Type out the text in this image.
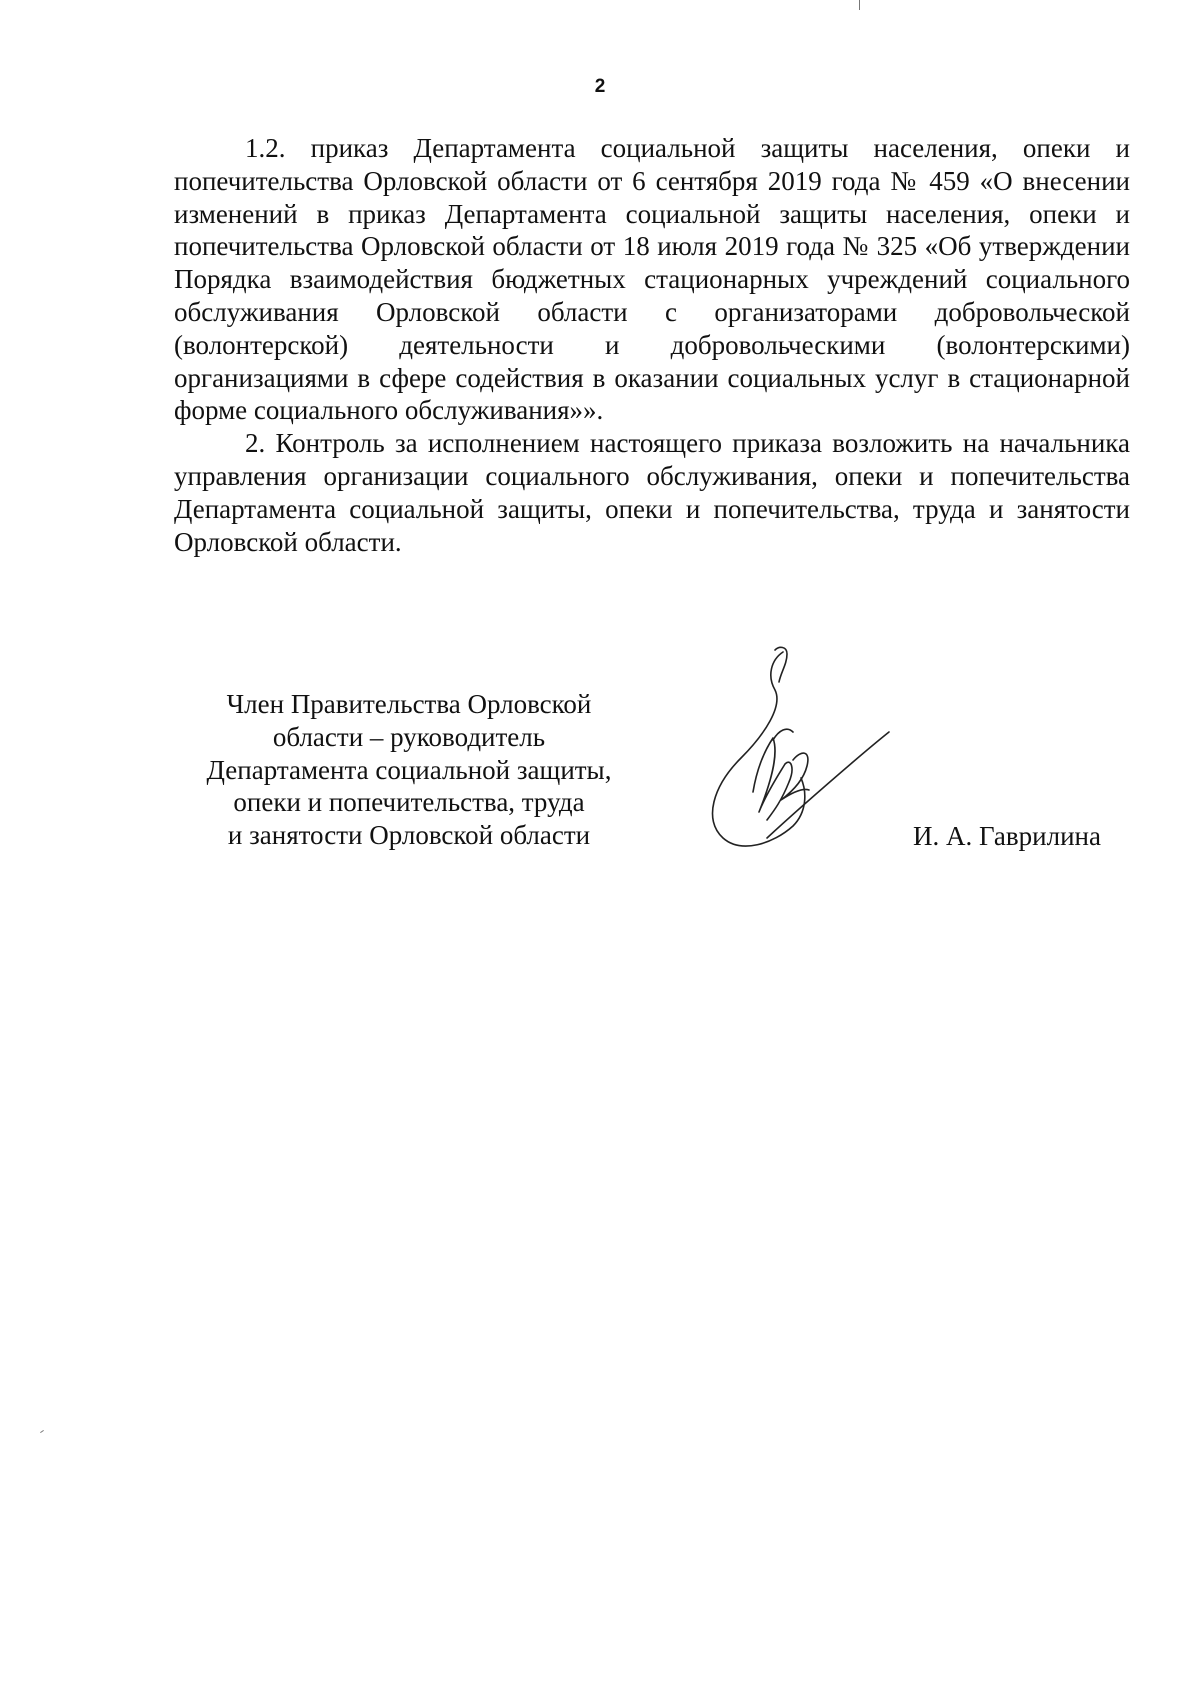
2

1.2. приказ Департамента социальной защиты населения, опеки и попечительства Орловской области от 6 сентября 2019 года № 459 «О внесении изменений в приказ Департамента социальной защиты населения, опеки и попечительства Орловской области от 18 июля 2019 года № 325 «Об утверждении Порядка взаимодействия бюджетных стационарных учреждений социального обслуживания Орловской области с организаторами добровольческой (волонтерской) деятельности и добровольческими (волонтерскими) организациями в сфере содействия в оказании социальных услуг в стационарной форме социального обслуживания»».

2. Контроль за исполнением настоящего приказа возложить на начальника управления организации социального обслуживания, опеки и попечительства Департамента социальной защиты, опеки и попечительства, труда и занятости Орловской области.

Член Правительства Орловской
области – руководитель
Департамента социальной защиты,
опеки и попечительства, труда
и занятости Орловской области	И. А. Гаврилина
